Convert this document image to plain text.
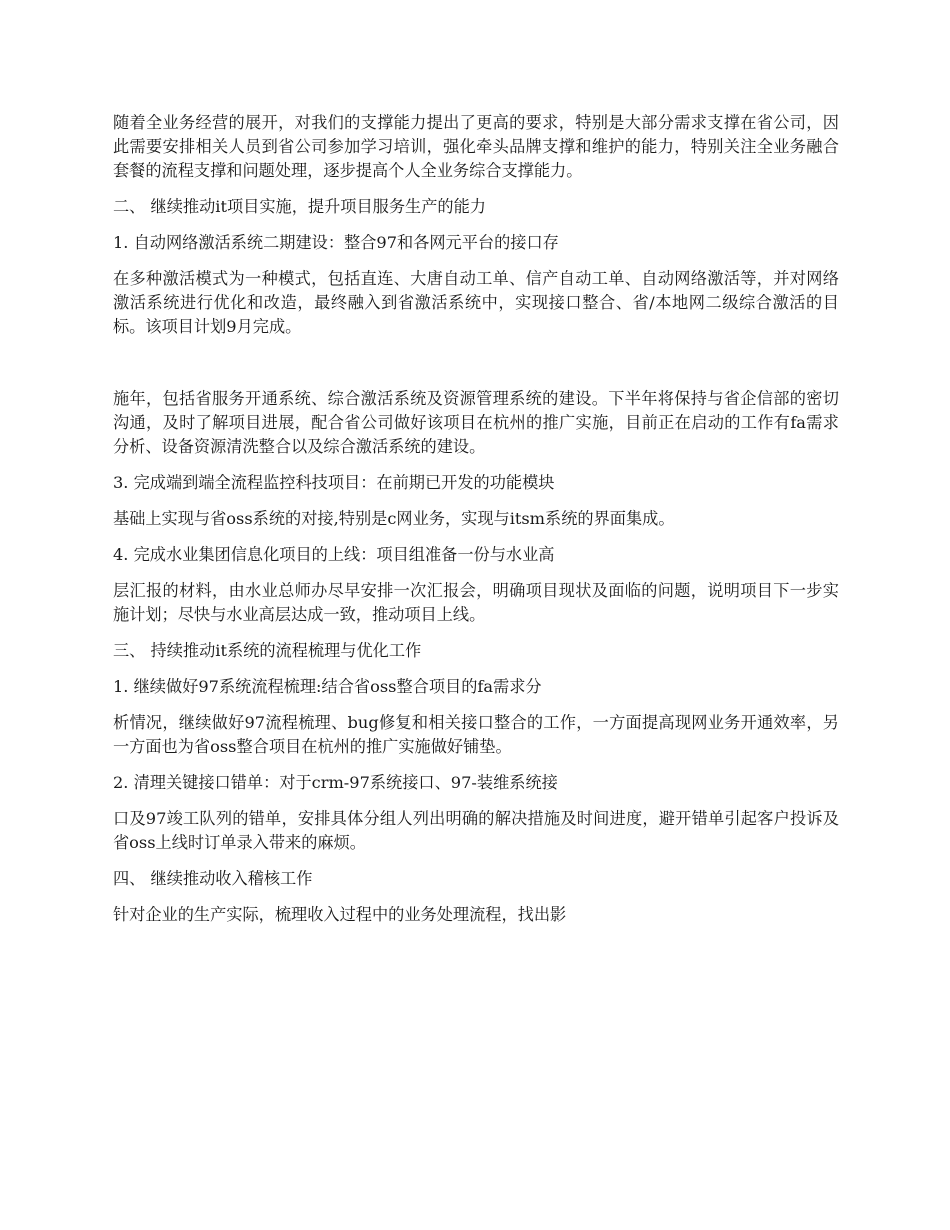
随着全业务经营的展开，对我们的支撑能力提出了更高的要求，特别是大部分需求支撑在省公司，因此需要安排相关人员到省公司参加学习培训，强化牵头品牌支撑和维护的能力，特别关注全业务融合套餐的流程支撑和问题处理，逐步提高个人全业务综合支撑能力。

二、 继续推动it项目实施，提升项目服务生产的能力

1. 自动网络激活系统二期建设：整合97和各网元平台的接口存

在多种激活模式为一种模式，包括直连、大唐自动工单、信产自动工单、自动网络激活等，并对网络激活系统进行优化和改造，最终融入到省激活系统中，实现接口整合、省/本地网二级综合激活的目标。该项目计划9月完成。

施年，包括省服务开通系统、综合激活系统及资源管理系统的建设。下半年将保持与省企信部的密切沟通，及时了解项目进展，配合省公司做好该项目在杭州的推广实施，目前正在启动的工作有fa需求分析、设备资源清洗整合以及综合激活系统的建设。

3. 完成端到端全流程监控科技项目：在前期已开发的功能模块

基础上实现与省oss系统的对接,特别是c网业务，实现与itsm系统的界面集成。

4. 完成水业集团信息化项目的上线：项目组准备一份与水业高

层汇报的材料，由水业总师办尽早安排一次汇报会，明确项目现状及面临的问题，说明项目下一步实施计划；尽快与水业高层达成一致，推动项目上线。

三、 持续推动it系统的流程梳理与优化工作

1. 继续做好97系统流程梳理:结合省oss整合项目的fa需求分

析情况，继续做好97流程梳理、bug修复和相关接口整合的工作，一方面提高现网业务开通效率，另一方面也为省oss整合项目在杭州的推广实施做好铺垫。

2. 清理关键接口错单：对于crm-97系统接口、97-装维系统接

口及97竣工队列的错单，安排具体分组人列出明确的解决措施及时间进度，避开错单引起客户投诉及省oss上线时订单录入带来的麻烦。

四、 继续推动收入稽核工作

针对企业的生产实际，梳理收入过程中的业务处理流程，找出影
